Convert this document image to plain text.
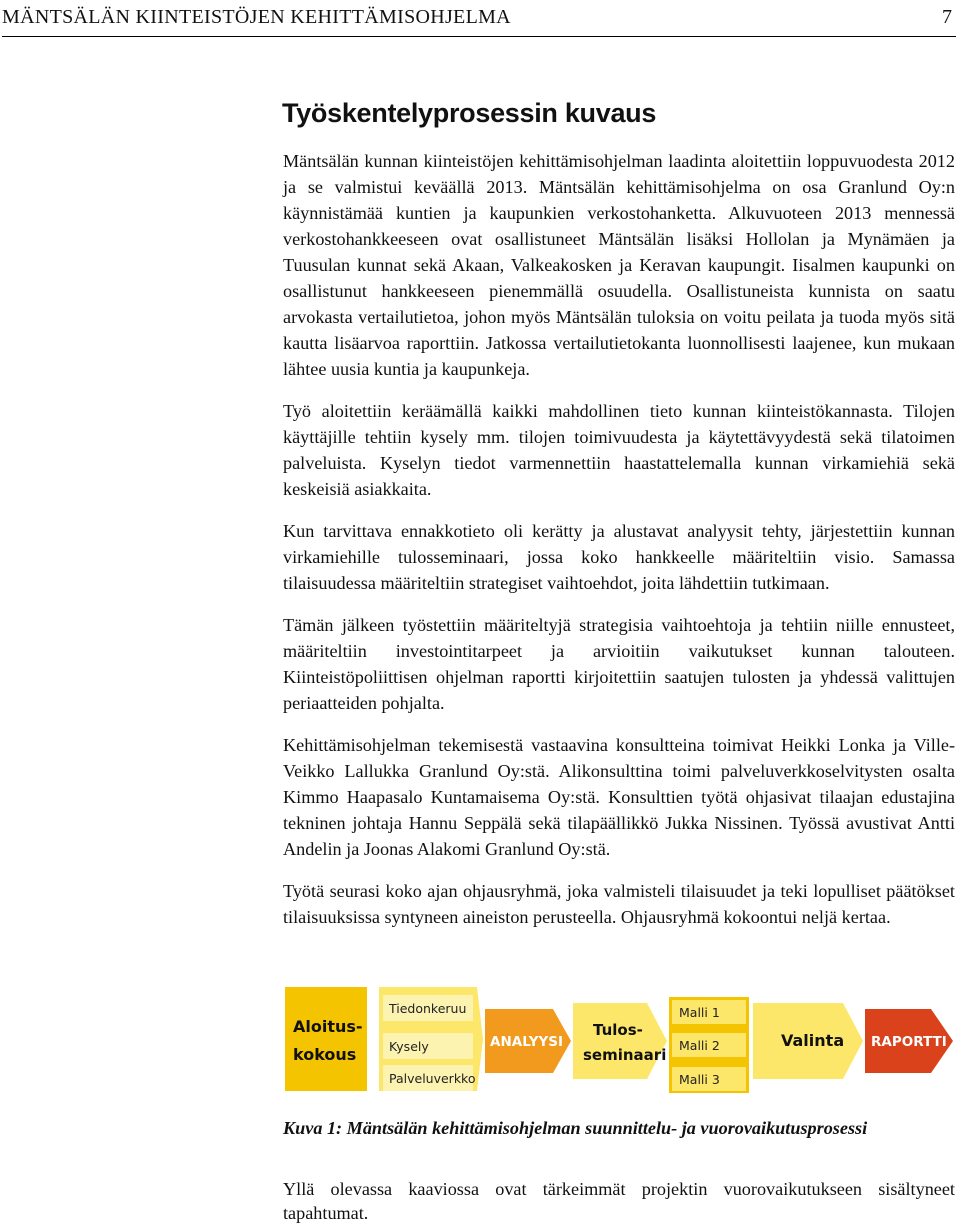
MÄNTSÄLÄN KIINTEISTÖJEN KEHITTÄMISOHJELMA	7
Työskentelyprosessin kuvaus

Mäntsälän kunnan kiinteistöjen kehittämisohjelman laadinta aloitettiin loppuvuodesta 2012 ja se valmistui keväällä 2013. Mäntsälän kehittämisohjelma on osa Granlund Oy:n käynnistämää kuntien ja kaupunkien verkostohanketta. Alkuvuoteen 2013 mennessä verkostohankkeeseen ovat osallistuneet Mäntsälän lisäksi Hollolan ja Mynämäen ja Tuusulan kunnat sekä Akaan, Valkeakosken ja Keravan kaupungit. Iisalmen kaupunki on osallistunut hankkeeseen pienemmällä osuudella. Osallistuneista kunnista on saatu arvokasta vertailutietoa, johon myös Mäntsälän tuloksia on voitu peilata ja tuoda myös sitä kautta lisäarvoa raporttiin. Jatkossa vertailutietokanta luonnollisesti laajenee, kun mukaan lähtee uusia kuntia ja kaupunkeja.

Työ aloitettiin keräämällä kaikki mahdollinen tieto kunnan kiinteistökannasta. Tilojen käyttäjille tehtiin kysely mm. tilojen toimivuudesta ja käytettävyydestä sekä tilatoimen palveluista. Kyselyn tiedot varmennettiin haastattelemalla kunnan virkamiehiä sekä keskeisiä asiakkaita.

Kun tarvittava ennakkotieto oli kerätty ja alustavat analyysit tehty, järjestettiin kunnan virkamiehille tulosseminaari, jossa koko hankkeelle määriteltiin visio. Samassa tilaisuudessa määriteltiin strategiset vaihtoehdot, joita lähdettiin tutkimaan.

Tämän jälkeen työstettiin määriteltyjä strategisia vaihtoehtoja ja tehtiin niille ennusteet, määriteltiin investointitarpeet ja arvioitiin vaikutukset kunnan talouteen. Kiinteistöpoliittisen ohjelman raportti kirjoitettiin saatujen tulosten ja yhdessä valittujen periaatteiden pohjalta.

Kehittämisohjelman tekemisestä vastaavina konsultteina toimivat Heikki Lonka ja Ville-Veikko Lallukka Granlund Oy:stä. Alikonsulttina toimi palveluverkkoselvitysten osalta Kimmo Haapasalo Kuntamaisema Oy:stä. Konsulttien työtä ohjasivat tilaajan edustajina tekninen johtaja Hannu Seppälä sekä tilapäällikkö Jukka Nissinen. Työssä avustivat Antti Andelin ja Joonas Alakomi Granlund Oy:stä.

Työtä seurasi koko ajan ohjausryhmä, joka valmisteli tilaisuudet ja teki lopulliset päätökset tilaisuuksissa syntyneen aineiston perusteella. Ohjausryhmä kokoontui neljä kertaa.

Aloitus-
kokous
Tiedonkeruu
Kysely
Palveluverkko
ANALYYSI
Tulos-
seminaari
Malli 1
Malli 2
Malli 3
Valinta RAPORTTI
Kuva 1: Mäntsälän kehittämisohjelman suunnittelu- ja vuorovaikutusprosessi
Yllä olevassa kaaviossa ovat tärkeimmät projektin vuorovaikutukseen sisältyneet tapahtumat.
